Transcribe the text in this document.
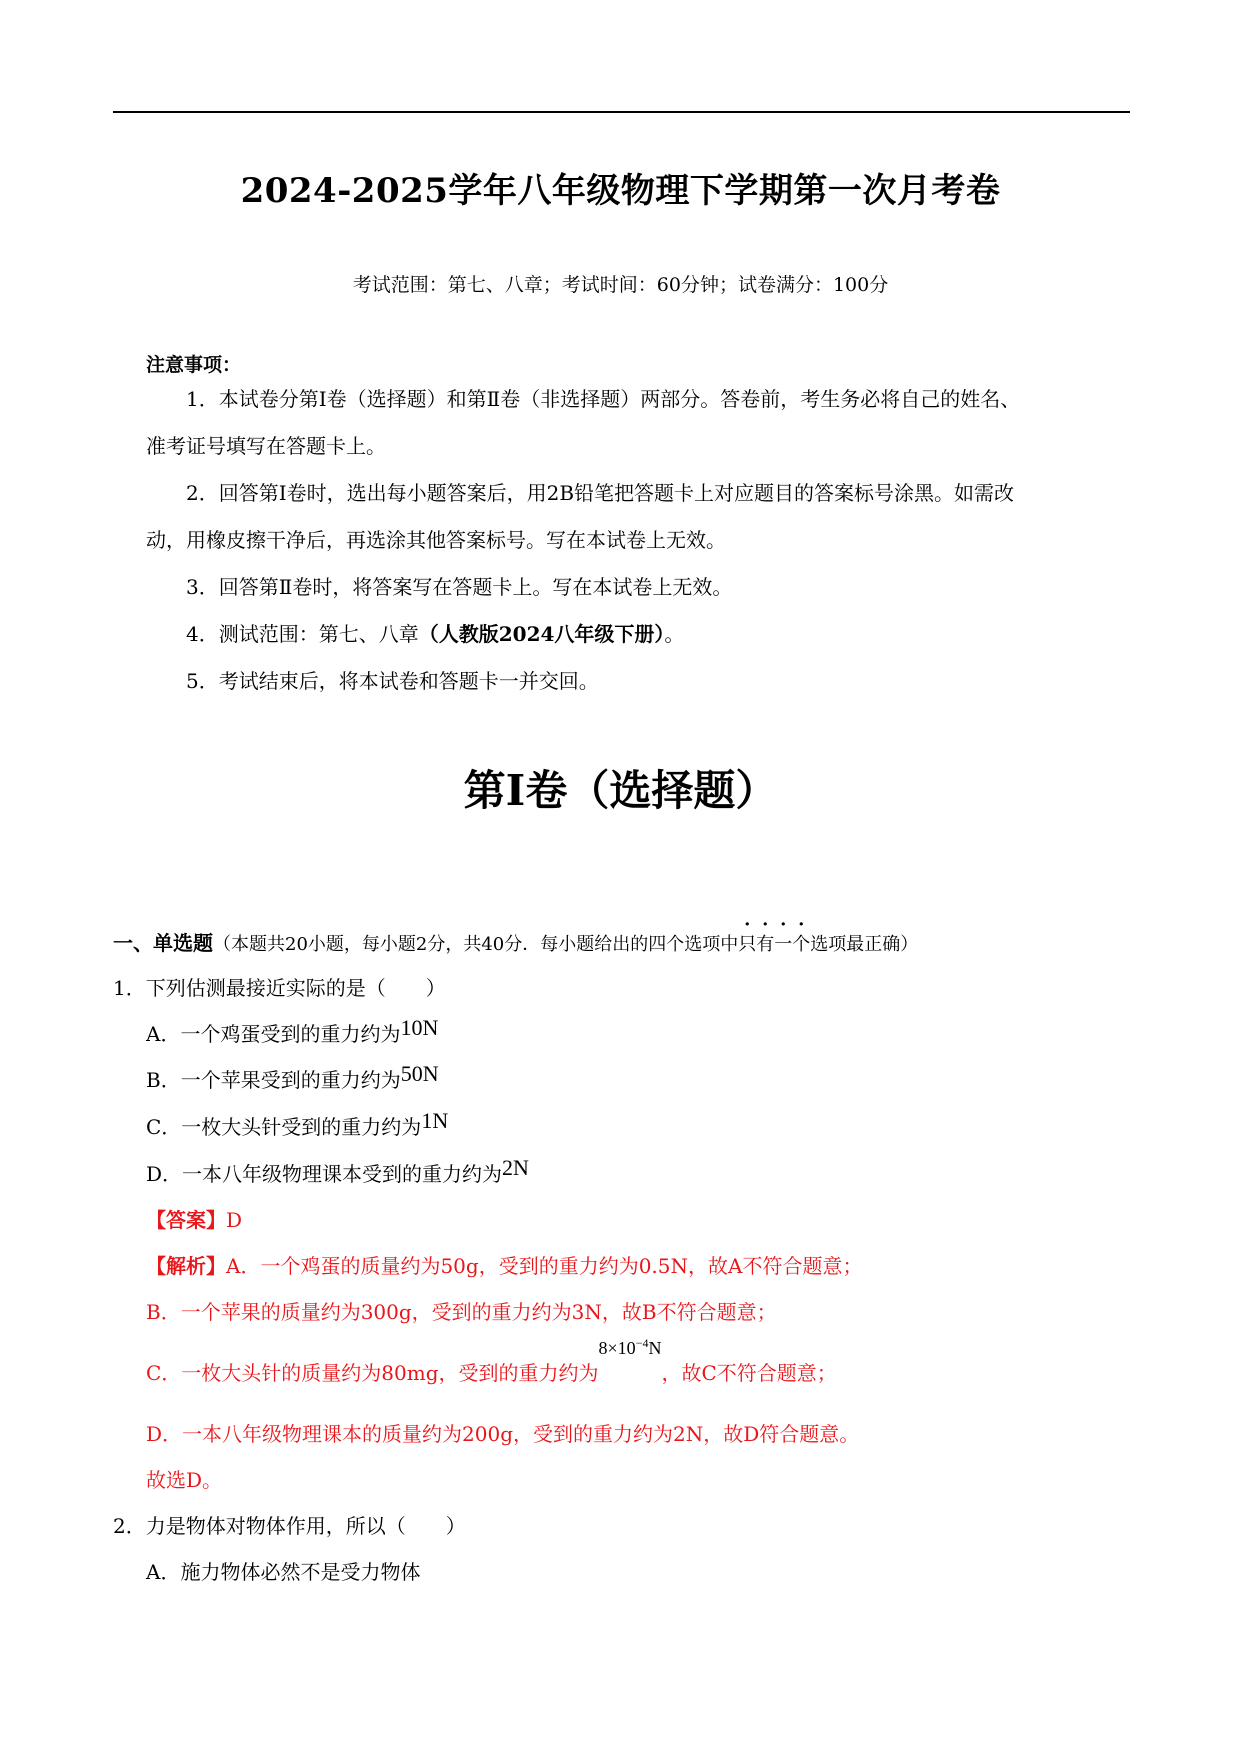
2024-2025学年八年级物理下学期第一次月考卷
考试范围：第七、八章；考试时间：60分钟；试卷满分：100分
注意事项：
1．本试卷分第Ⅰ卷（选择题）和第Ⅱ卷（非选择题）两部分。答卷前，考生务必将自己的姓名、
准考证号填写在答题卡上。
2．回答第Ⅰ卷时，选出每小题答案后，用2B铅笔把答题卡上对应题目的答案标号涂黑。如需改
动，用橡皮擦干净后，再选涂其他答案标号。写在本试卷上无效。
3．回答第Ⅱ卷时，将答案写在答题卡上。写在本试卷上无效。
4．测试范围：第七、八章（人教版2024八年级下册）。
5．考试结束后，将本试卷和答题卡一并交回。
第Ⅰ卷（选择题）
一、单选题（本题共20小题，每小题2分，共40分．每小题给出的四个选项中只有一个选项最正确）
1．下列估测最接近实际的是（　　）
A．一个鸡蛋受到的重力约为10N
B．一个苹果受到的重力约为50N
C．一枚大头针受到的重力约为1N
D．一本八年级物理课本受到的重力约为2N
【答案】D
【解析】A．一个鸡蛋的质量约为50g，受到的重力约为0.5N，故A不符合题意；
B．一个苹果的质量约为300g，受到的重力约为3N，故B不符合题意；
C．一枚大头针的质量约为80mg，受到的重力约为$8\times 10^{-4}N$，故C不符合题意；
D．一本八年级物理课本的质量约为200g，受到的重力约为2N，故D符合题意。
故选D。
2．力是物体对物体作用，所以（　　）
A．施力物体必然不是受力物体
